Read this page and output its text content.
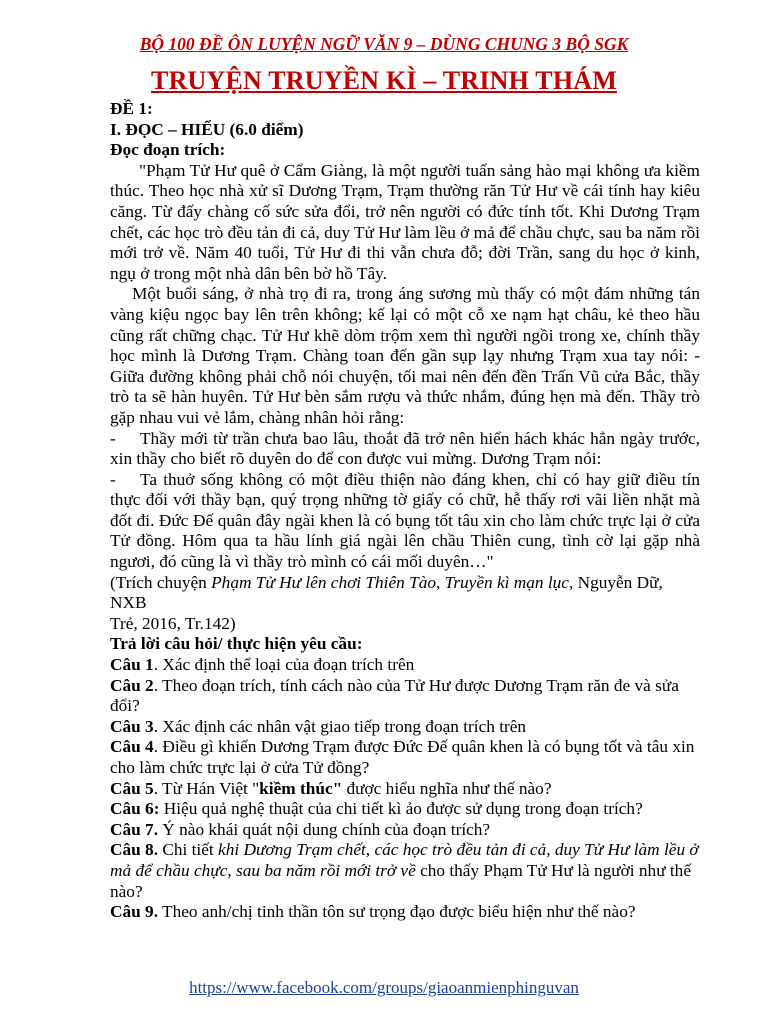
BỘ 100 ĐỀ ÔN LUYỆN NGỮ VĂN 9 – DÙNG CHUNG 3 BỘ SGK
TRUYỆN TRUYỀN KÌ – TRINH THÁM

ĐỀ 1:

I. ĐỌC – HIỂU (6.0 điểm)

Đọc đoạn trích:

"Phạm Tử Hư quê ở Cẩm Giàng, là một người tuấn sảng hào mại không ưa kiềm thúc. Theo học nhà xử sĩ Dương Trạm, Trạm thường răn Tử Hư về cái tính hay kiêu căng. Từ đấy chàng cố sức sửa đổi, trở nên người có đức tính tốt. Khi Dương Trạm chết, các học trò đều tản đi cả, duy Tử Hư làm lều ở mả để chầu chực, sau ba năm rồi mới trở về. Năm 40 tuổi, Tử Hư đi thi vẫn chưa đỗ; đời Trần, sang du học ở kinh, ngụ ở trong một nhà dân bên bờ hồ Tây.

Một buổi sáng, ở nhà trọ đi ra, trong áng sương mù thấy có một đám những tán vàng kiệu ngọc bay lên trên không; kế lại có một cỗ xe nạm hạt châu, kẻ theo hầu cũng rất chững chạc. Tử Hư khẽ dòm trộm xem thì người ngồi trong xe, chính thầy học mình là Dương Trạm. Chàng toan đến gần sụp lạy nhưng Trạm xua tay nói: - Giữa đường không phải chỗ nói chuyện, tối mai nên đến đền Trấn Vũ cửa Bắc, thầy trò ta sẽ hàn huyên. Tử Hư bèn sắm rượu và thức nhắm, đúng hẹn mà đến. Thầy trò gặp nhau vui vẻ lắm, chàng nhân hỏi rằng:

- Thầy mới từ trần chưa bao lâu, thoắt đã trở nên hiển hách khác hẳn ngày trước, xin thầy cho biết rõ duyên do để con được vui mừng. Dương Trạm nói:

- Ta thuở sống không có một điều thiện nào đáng khen, chỉ có hay giữ điều tín thực đối với thầy bạn, quý trọng những tờ giấy có chữ, hễ thấy rơi vãi liền nhặt mà đốt đi. Đức Đế quân đây ngài khen là có bụng tốt tâu xin cho làm chức trực lại ở cửa Tử đồng. Hôm qua ta hầu lính giá ngài lên chầu Thiên cung, tình cờ lại gặp nhà ngươi, đó cũng là vì thầy trò mình có cái mối duyên…"

(Trích chuyện Phạm Tử Hư lên chơi Thiên Tào, Truyền kì mạn lục, Nguyễn Dữ, NXB

Trẻ, 2016, Tr.142)

Trả lời câu hỏi/ thực hiện yêu cầu:

Câu 1. Xác định thể loại của đoạn trích trên

Câu 2. Theo đoạn trích, tính cách nào của Tử Hư được Dương Trạm răn đe và sửa đổi?

Câu 3. Xác định các nhân vật giao tiếp trong đoạn trích trên

Câu 4. Điều gì khiến Dương Trạm được Đức Đế quân khen là có bụng tốt và tâu xin cho làm chức trực lại ở cửa Tử đồng?

Câu 5. Từ Hán Việt "kiềm thúc" được hiểu nghĩa như thế nào?

Câu 6: Hiệu quả nghệ thuật của chi tiết kì ảo được sử dụng trong đoạn trích?

Câu 7. Ý nào khái quát nội dung chính của đoạn trích?

Câu 8. Chi tiết khi Dương Trạm chết, các học trò đều tản đi cả, duy Tử Hư làm lều ở mả để chầu chực, sau ba năm rồi mới trở về cho thấy Phạm Tử Hư là người như thế nào?

Câu 9. Theo anh/chị tinh thần tôn sư trọng đạo được biểu hiện như thế nào?

https://www.facebook.com/groups/giaoanmienphinguvan
